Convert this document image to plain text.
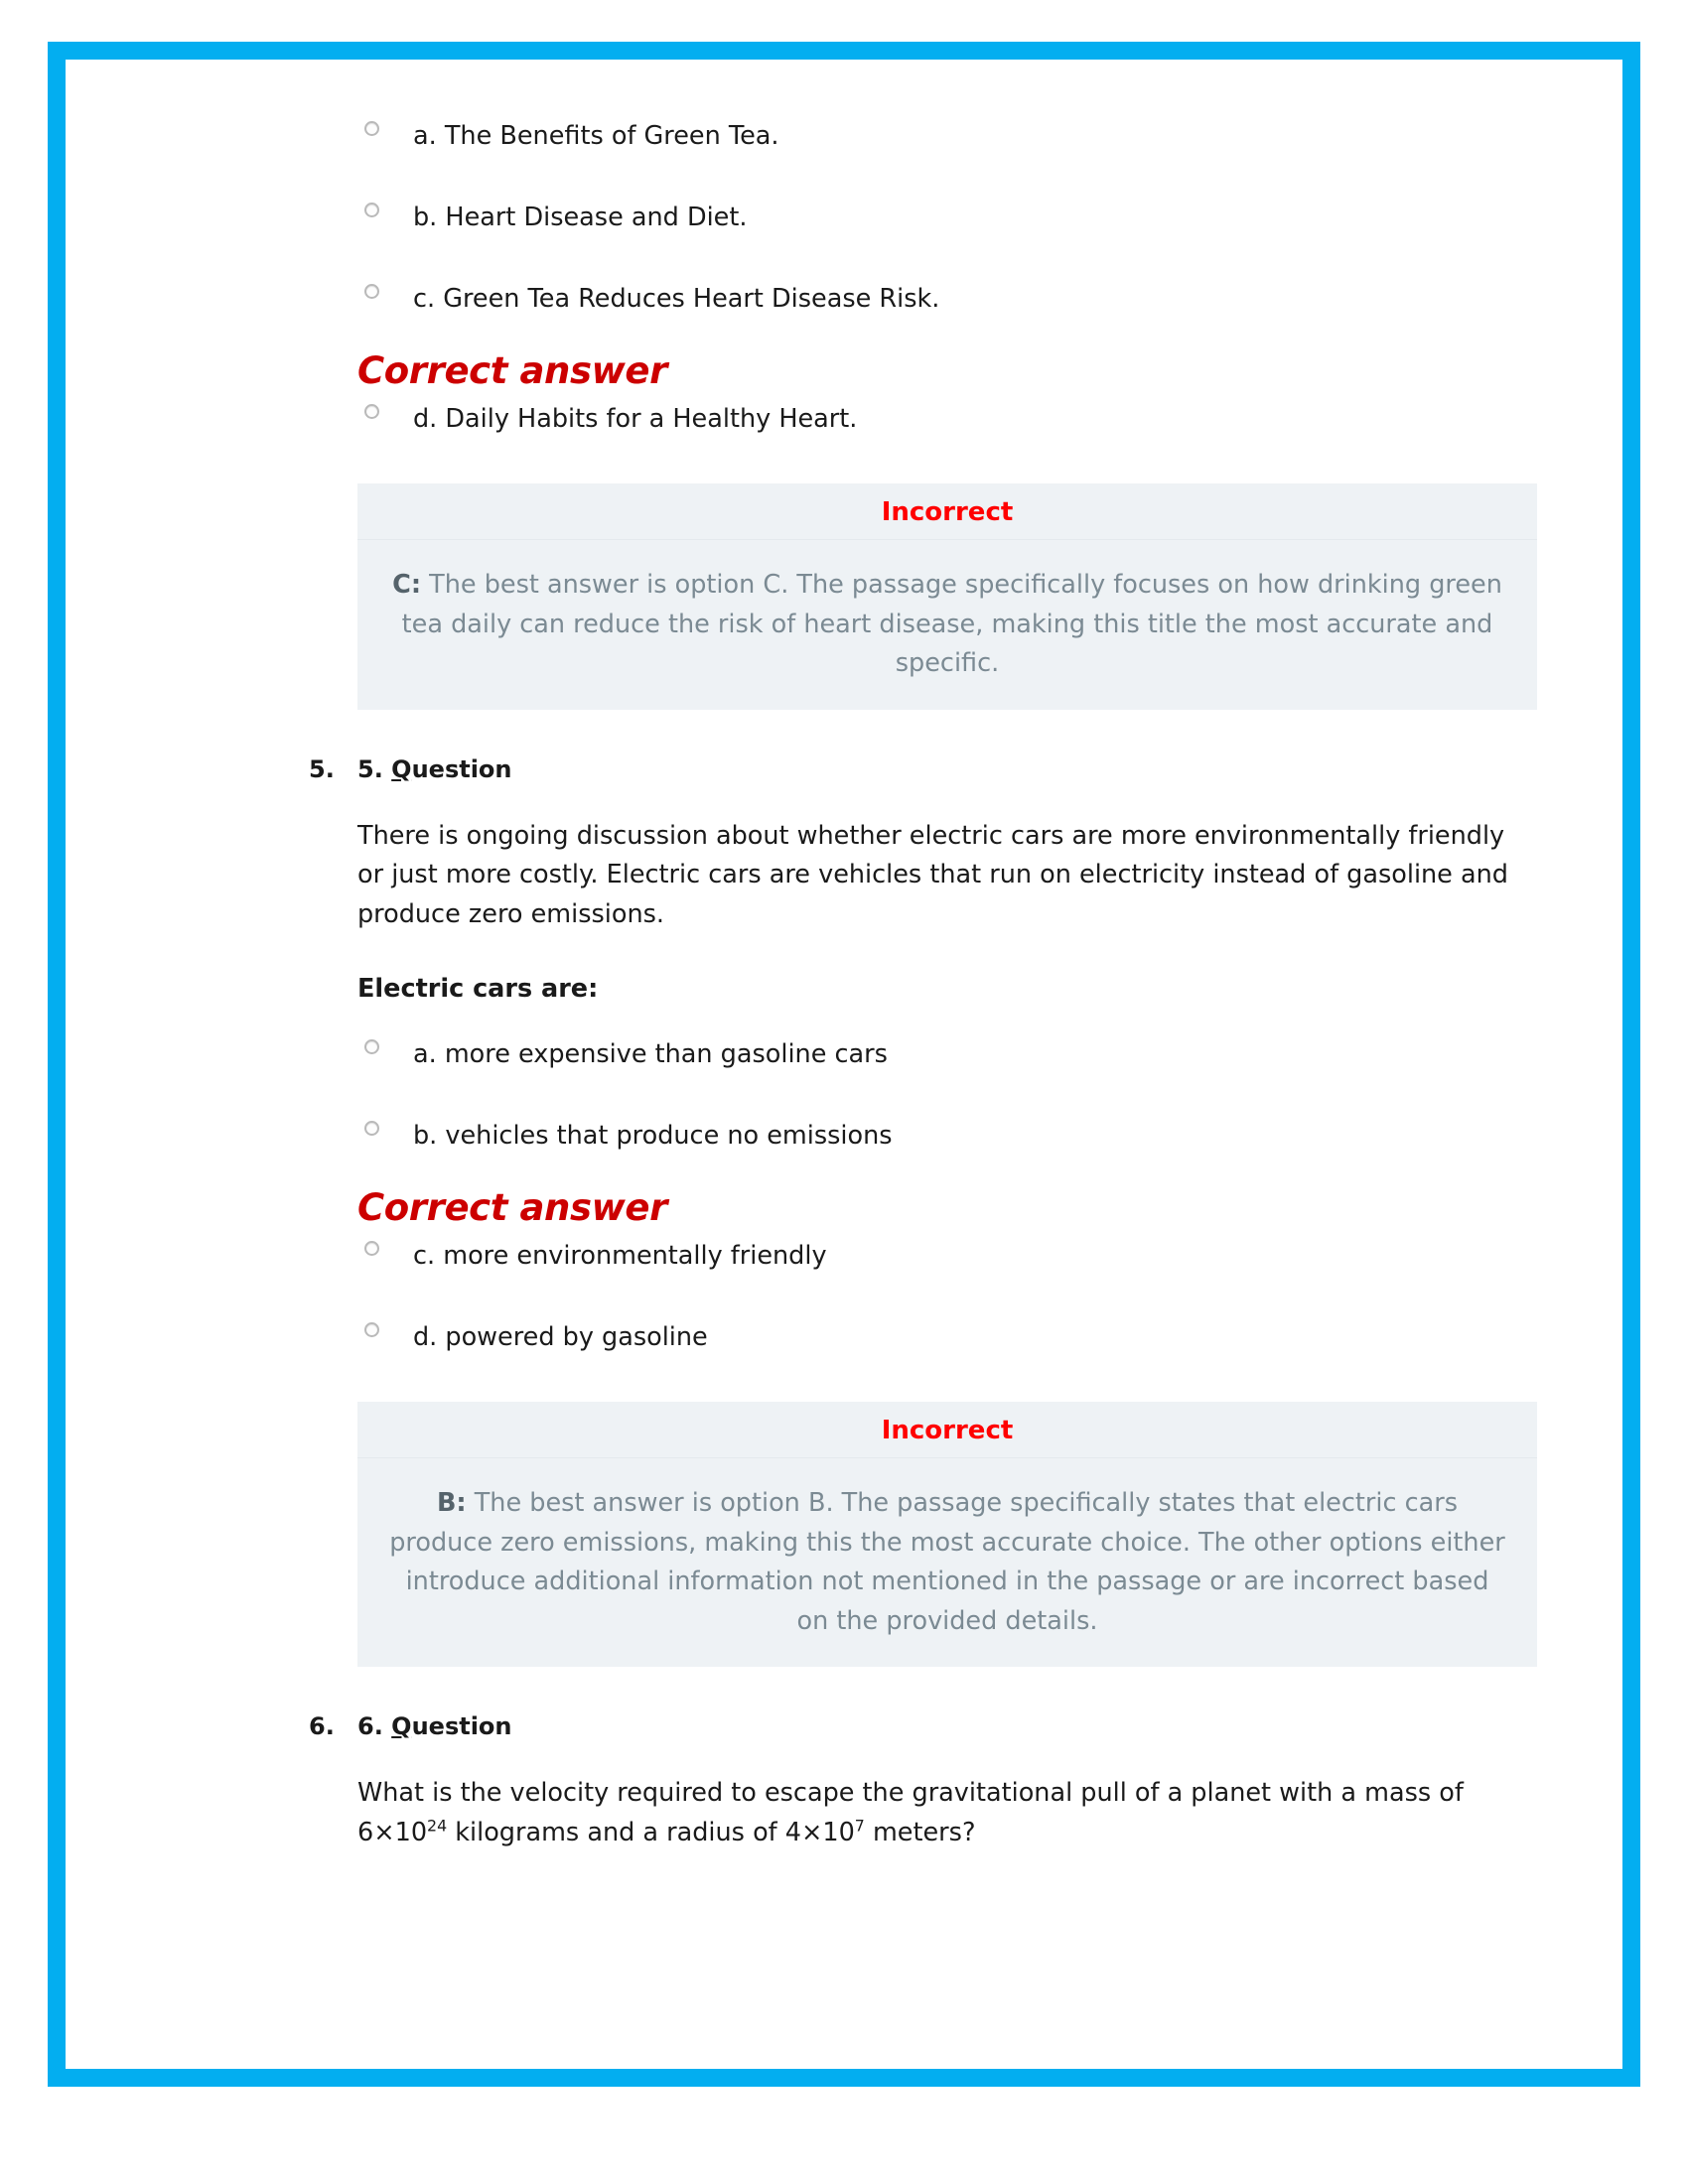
a. The Benefits of Green Tea.
b. Heart Disease and Diet.
c. Green Tea Reduces Heart Disease Risk.
Correct answer
d. Daily Habits for a Healthy Heart.
Incorrect
C: The best answer is option C. The passage specifically focuses on how drinking green tea daily can reduce the risk of heart disease, making this title the most accurate and specific.
5. 5. Question
There is ongoing discussion about whether electric cars are more environmentally friendly or just more costly. Electric cars are vehicles that run on electricity instead of gasoline and produce zero emissions.
Electric cars are:
a. more expensive than gasoline cars
b. vehicles that produce no emissions
Correct answer
c. more environmentally friendly
d. powered by gasoline
Incorrect
B: The best answer is option B. The passage specifically states that electric cars produce zero emissions, making this the most accurate choice. The other options either introduce additional information not mentioned in the passage or are incorrect based on the provided details.
6. 6. Question
What is the velocity required to escape the gravitational pull of a planet with a mass of $6\times 10^{24}$ kilograms and a radius of $4\times 10^7$ meters?
